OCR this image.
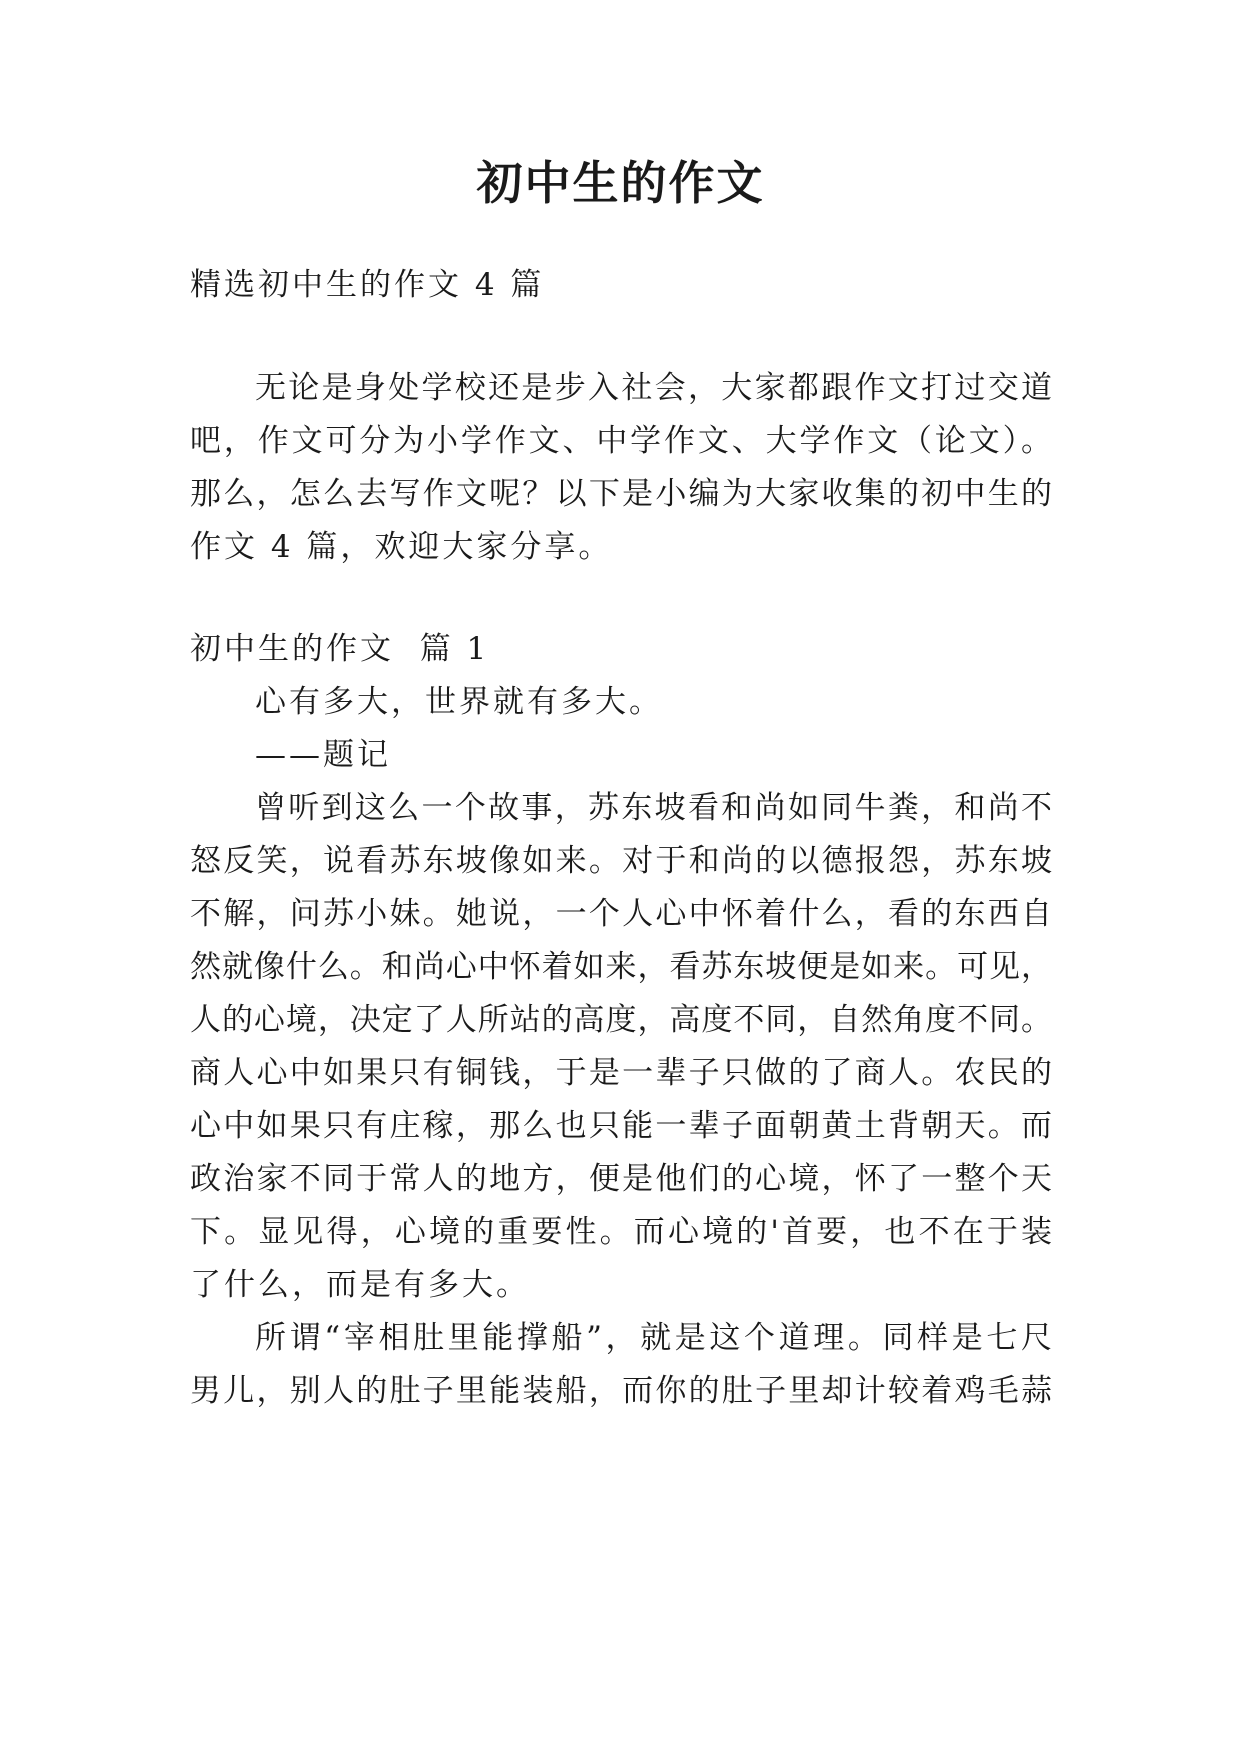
初中生的作文

精选初中生的作文 4 篇

无论是身处学校还是步入社会，大家都跟作文打过交道

吧，作文可分为小学作文、中学作文、大学作文（论文）。

那么，怎么去写作文呢？以下是小编为大家收集的初中生的

作文 4 篇，欢迎大家分享。

初中生的作文  篇 1

心有多大，世界就有多大。

——题记

曾听到这么一个故事，苏东坡看和尚如同牛粪，和尚不

怒反笑，说看苏东坡像如来。对于和尚的以德报怨，苏东坡

不解，问苏小妹。她说，一个人心中怀着什么，看的东西自

然就像什么。和尚心中怀着如来，看苏东坡便是如来。可见，

人的心境，决定了人所站的高度，高度不同，自然角度不同。

商人心中如果只有铜钱，于是一辈子只做的了商人。农民的

心中如果只有庄稼，那么也只能一辈子面朝黄土背朝天。而

政治家不同于常人的地方，便是他们的心境，怀了一整个天

下。显见得，心境的重要性。而心境的'首要，也不在于装

了什么，而是有多大。

所谓“宰相肚里能撑船”，就是这个道理。同样是七尺

男儿，别人的肚子里能装船，而你的肚子里却计较着鸡毛蒜
